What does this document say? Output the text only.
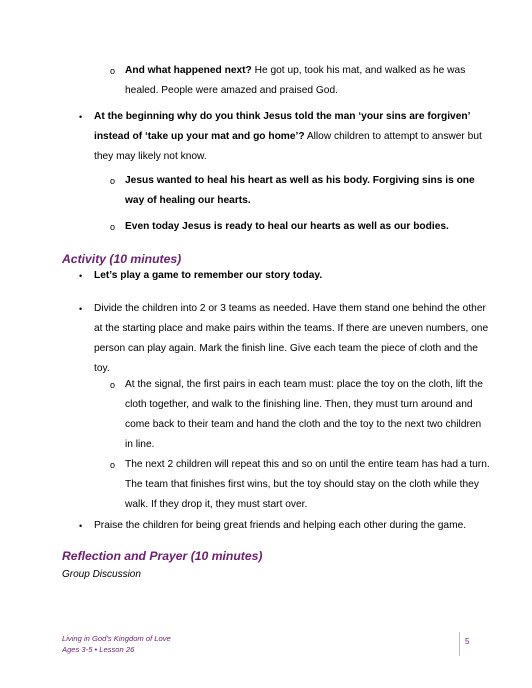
o And what happened next? He got up, took his mat, and walked as he was
healed. People were amazed and praised God.
• At the beginning why do you think Jesus told the man ‘your sins are forgiven’
instead of ‘take up your mat and go home’? Allow children to attempt to answer but
they may likely not know.
o Jesus wanted to heal his heart as well as his body. Forgiving sins is one
way of healing our hearts.
o Even today Jesus is ready to heal our hearts as well as our bodies.
Activity (10 minutes)
• Let’s play a game to remember our story today.
• Divide the children into 2 or 3 teams as needed. Have them stand one behind the other
at the starting place and make pairs within the teams. If there are uneven numbers, one
person can play again. Mark the finish line. Give each team the piece of cloth and the
toy.
o At the signal, the first pairs in each team must: place the toy on the cloth, lift the
cloth together, and walk to the finishing line. Then, they must turn around and
come back to their team and hand the cloth and the toy to the next two children
in line.
o The next 2 children will repeat this and so on until the entire team has had a turn.
The team that finishes first wins, but the toy should stay on the cloth while they
walk. If they drop it, they must start over.
• Praise the children for being great friends and helping each other during the game.
Reflection and Prayer (10 minutes)
Group Discussion
Living in God’s Kingdom of Love
Ages 3-5 • Lesson 26
5
